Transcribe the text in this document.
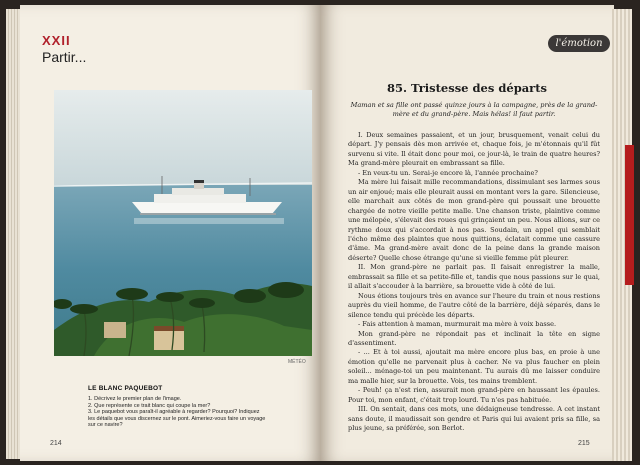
XXII
Partir...
MÉTÉO
LE BLANC PAQUEBOT
1. Décrivez le premier plan de l'image.
2. Que représente ce trait blanc qui coupe la mer?
3. Le paquebot vous paraît-il agréable à regarder? Pourquoi? Indiquez
les détails que vous discernez sur le pont. Aimeriez-vous faire un voyage
sur ce navire?
214
l'émotion
85. Tristesse des départs
Maman et sa fille ont passé quinze jours à la campagne, près de la grand-mère et du grand-père. Mais hélas! il faut partir.

I. Deux semaines passaient, et un jour, brusquement, venait celui du départ. J'y pensais dès mon arrivée et, chaque fois, je m'étonnais qu'il fût survenu si vite. Il était donc pour moi, ce jour-là, le train de quatre heures? Ma grand-mère pleurait en embrassant sa fille.

- En veux-tu un. Serai-je encore là, l'année prochaine?

Ma mère lui faisait mille recommandations, dissimulant ses larmes sous un air enjoué; mais elle pleurait aussi en montant vers la gare. Silencieuse, elle marchait aux côtés de mon grand-père qui poussait une brouette chargée de notre vieille petite malle. Une chanson triste, plaintive comme une mélopée, s'élevait des roues qui grinçaient un peu. Nous allions, sur ce rythme doux qui s'accordait à nos pas. Soudain, un appel qui semblait l'écho même des plaintes que nous quittions, éclatait comme une cassure d'âme. Ma grand-mère avait donc de la peine dans la grande maison déserte? Quelle chose étrange qu'une si vieille femme pût pleurer.

II. Mon grand-père ne parlait pas. Il faisait enregistrer la malle, embrassait sa fille et sa petite-fille et, tandis que nous passions sur le quai, il allait s'accouder à la barrière, sa brouette vide à côté de lui.

Nous étions toujours très en avance sur l'heure du train et nous restions auprès du vieil homme, de l'autre côté de la barrière, déjà séparés, dans le silence tendu qui précède les départs.

- Fais attention à maman, murmurait ma mère à voix basse.

Mon grand-père ne répondait pas et inclinait la tête en signe d'assentiment.

- ... Et à toi aussi, ajoutait ma mère encore plus bas, en proie à une émotion qu'elle ne parvenait plus à cacher. Ne va plus faucher en plein soleil... ménage-toi un peu maintenant. Tu aurais dû me laisser conduire ma malle hier, sur la brouette. Vois, tes mains tremblent.

- Peuh! ça n'est rien, assurait mon grand-père en haussant les épaules. Pour toi, mon enfant, c'était trop lourd. Tu n'es pas habituée.

III. On sentait, dans ces mots, une dédaigneuse tendresse. A cet instant sans doute, il maudissait son gendre et Paris qui lui avaient pris sa fille, sa plus jeune, sa préférée, son Berlot.

215
